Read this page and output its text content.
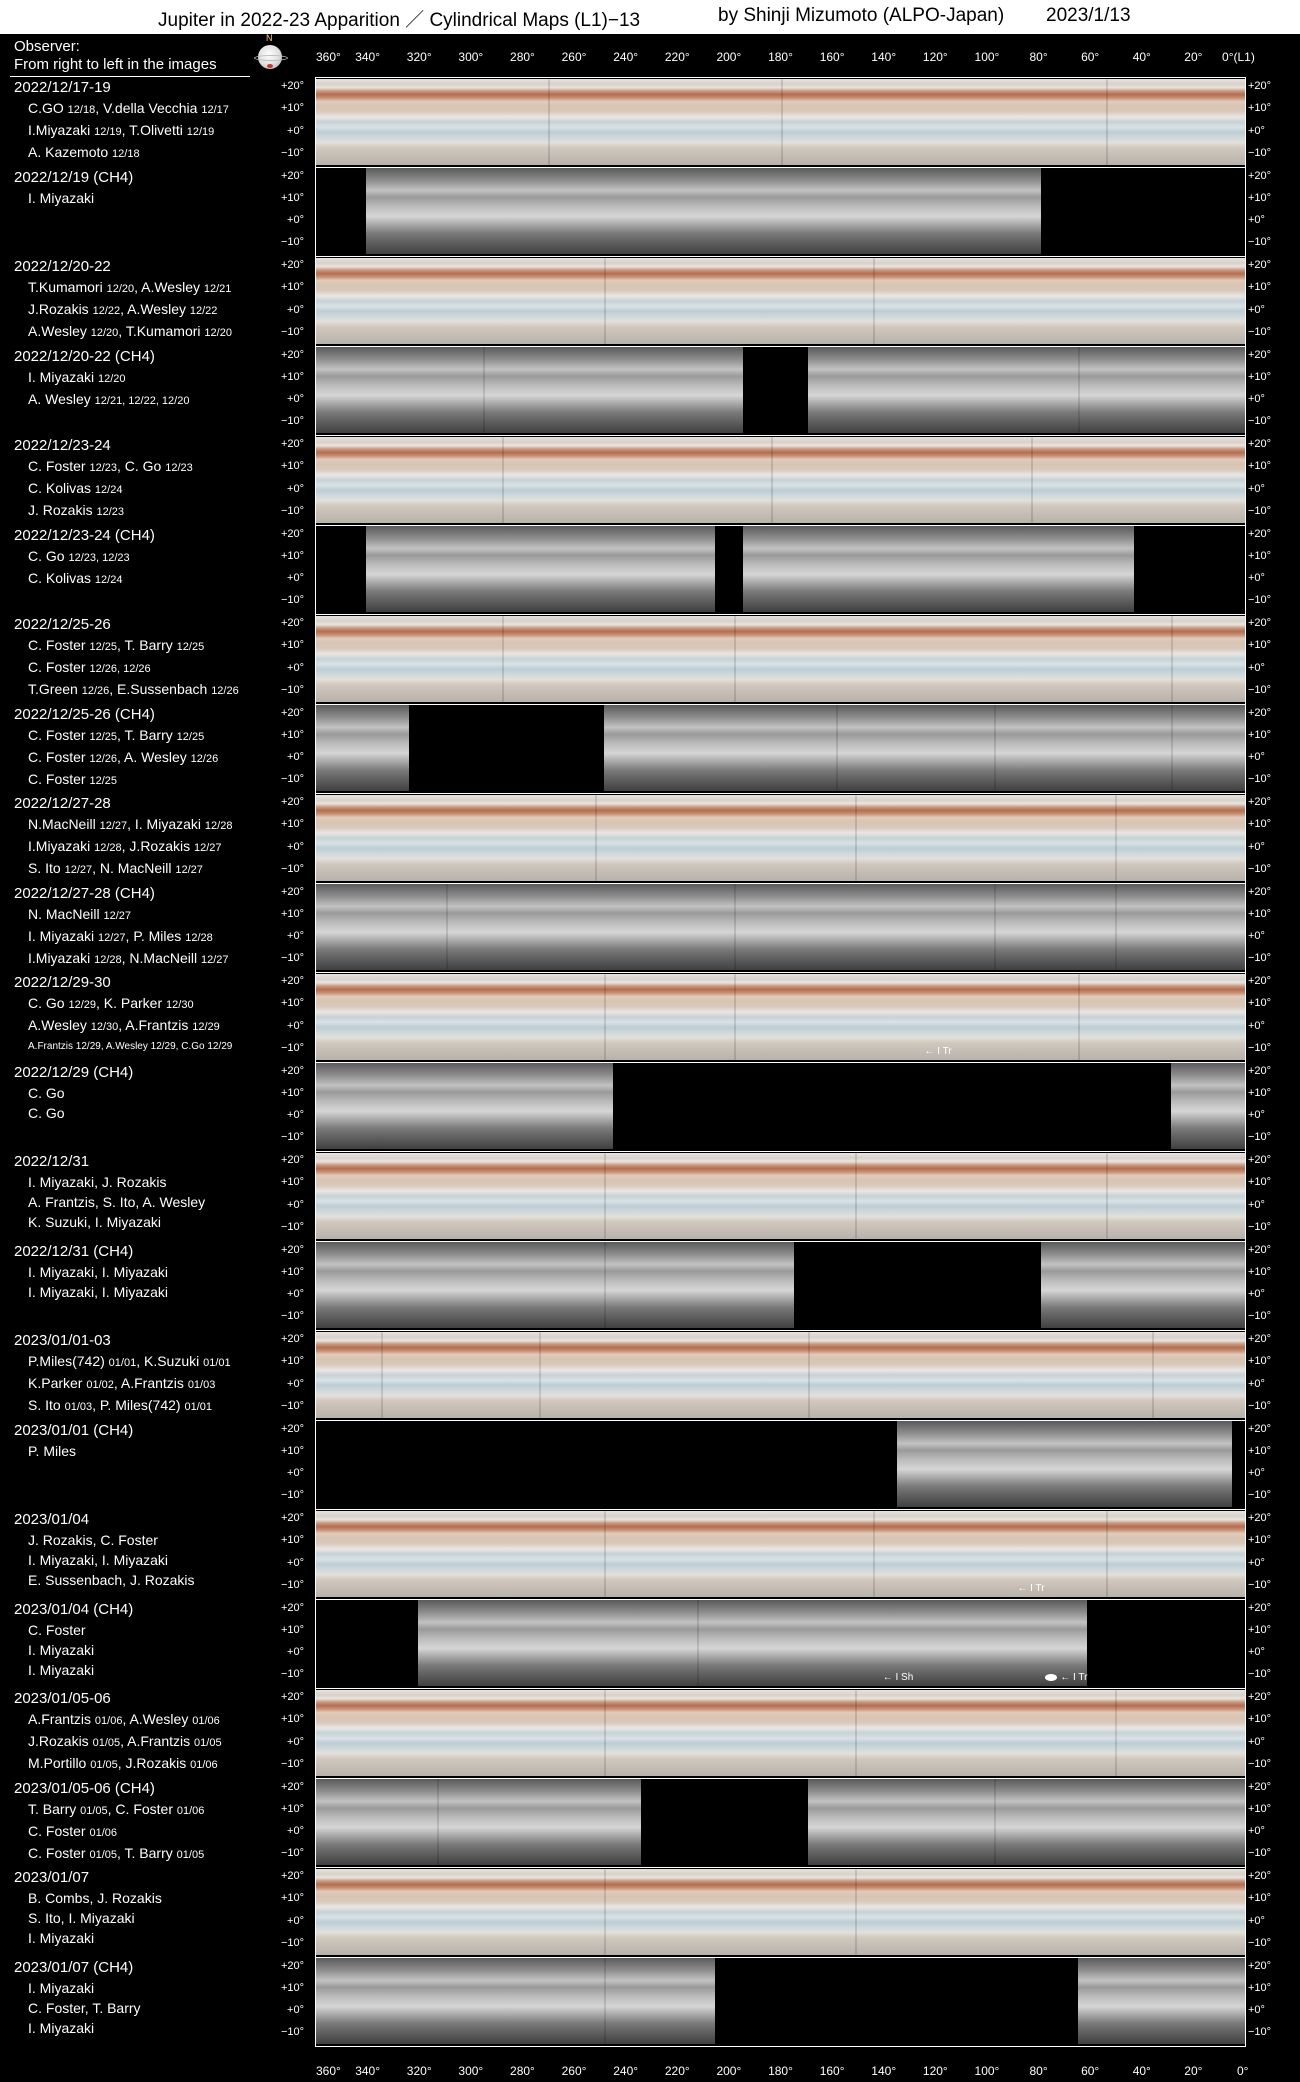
Jupiter in 2022-23 Apparition ／ Cylindrical Maps (L1)−13	by Shinji Mizumoto (ALPO-Japan) 2023/1/13
Observer:
From right to left in the images
N
360° 340° 320° 300° 280° 260° 240° 220° 200° 180° 160° 140° 120° 100°	80°	60°	40°	20° 0°(L1)
360° 340° 320° 300° 280° 260° 240° 220° 200° 180° 160° 140° 120° 100°	80°	60°	40°	20°	0°
2022/12/17-19
C.GO 12/18, V.della Vecchia 12/17
I.Miyazaki 12/19, T.Olivetti 12/19
A. Kazemoto 12/18
+20°
+10°
+0°
−10°
+20°
+10°
+0°
−10°
2022/12/19 (CH4)
I. Miyazaki
+20°
+10°
+0°
−10°
+20°
+10°
+0°
−10°
2022/12/20-22
T.Kumamori 12/20, A.Wesley 12/21
J.Rozakis 12/22, A.Wesley 12/22
A.Wesley 12/20, T.Kumamori 12/20
+20°
+10°
+0°
−10°
+20°
+10°
+0°
−10°
2022/12/20-22 (CH4)
I. Miyazaki 12/20
A. Wesley 12/21, 12/22, 12/20
+20°
+10°
+0°
−10°
+20°
+10°
+0°
−10°
2022/12/23-24
C. Foster 12/23, C. Go 12/23
C. Kolivas 12/24
J. Rozakis 12/23
+20°
+10°
+0°
−10°
+20°
+10°
+0°
−10°
2022/12/23-24 (CH4)
C. Go 12/23, 12/23
C. Kolivas 12/24
+20°
+10°
+0°
−10°
+20°
+10°
+0°
−10°
2022/12/25-26
C. Foster 12/25, T. Barry 12/25
C. Foster 12/26, 12/26
T.Green 12/26, E.Sussenbach 12/26
+20°
+10°
+0°
−10°
+20°
+10°
+0°
−10°
2022/12/25-26 (CH4)
C. Foster 12/25, T. Barry 12/25
C. Foster 12/26, A. Wesley 12/26
C. Foster 12/25
+20°
+10°
+0°
−10°
+20°
+10°
+0°
−10°
2022/12/27-28
N.MacNeill 12/27, I. Miyazaki 12/28
I.Miyazaki 12/28, J.Rozakis 12/27
S. Ito 12/27, N. MacNeill 12/27
+20°
+10°
+0°
−10°
+20°
+10°
+0°
−10°
2022/12/27-28 (CH4)
N. MacNeill 12/27
I. Miyazaki 12/27, P. Miles 12/28
I.Miyazaki 12/28, N.MacNeill 12/27
+20°
+10°
+0°
−10°
+20°
+10°
+0°
−10°
2022/12/29-30
C. Go 12/29, K. Parker 12/30
A.Wesley 12/30, A.Frantzis 12/29
A.Frantzis 12/29, A.Wesley 12/29, C.Go 12/29
+20°
+10°
+0°
−10°
+20°
+10°
+0°
−10°
← I Tr
2022/12/29 (CH4)
C. Go
C. Go
+20°
+10°
+0°
−10°
+20°
+10°
+0°
−10°
2022/12/31
I. Miyazaki, J. Rozakis
A. Frantzis, S. Ito, A. Wesley
K. Suzuki, I. Miyazaki
+20°
+10°
+0°
−10°
+20°
+10°
+0°
−10°
2022/12/31 (CH4)
I. Miyazaki, I. Miyazaki
I. Miyazaki, I. Miyazaki
+20°
+10°
+0°
−10°
+20°
+10°
+0°
−10°
2023/01/01-03
P.Miles(742) 01/01, K.Suzuki 01/01
K.Parker 01/02, A.Frantzis 01/03
S. Ito 01/03, P. Miles(742) 01/01
+20°
+10°
+0°
−10°
+20°
+10°
+0°
−10°
2023/01/01 (CH4)
P. Miles
+20°
+10°
+0°
−10°
+20°
+10°
+0°
−10°
2023/01/04
J. Rozakis, C. Foster
I. Miyazaki, I. Miyazaki
E. Sussenbach, J. Rozakis
+20°
+10°
+0°
−10°
+20°
+10°
+0°
−10°
← I Tr
2023/01/04 (CH4)
C. Foster
I. Miyazaki
I. Miyazaki
+20°
+10°
+0°
−10°
+20°
+10°
+0°
−10°
← I Sh	← I Tr
2023/01/05-06
A.Frantzis 01/06, A.Wesley 01/06
J.Rozakis 01/05, A.Frantzis 01/05
M.Portillo 01/05, J.Rozakis 01/06
+20°
+10°
+0°
−10°
+20°
+10°
+0°
−10°
2023/01/05-06 (CH4)
T. Barry 01/05, C. Foster 01/06
C. Foster 01/06
C. Foster 01/05, T. Barry 01/05
+20°
+10°
+0°
−10°
+20°
+10°
+0°
−10°
2023/01/07
B. Combs, J. Rozakis
S. Ito, I. Miyazaki
I. Miyazaki
+20°
+10°
+0°
−10°
+20°
+10°
+0°
−10°
2023/01/07 (CH4)
I. Miyazaki
C. Foster, T. Barry
I. Miyazaki
+20°
+10°
+0°
−10°
+20°
+10°
+0°
−10°
